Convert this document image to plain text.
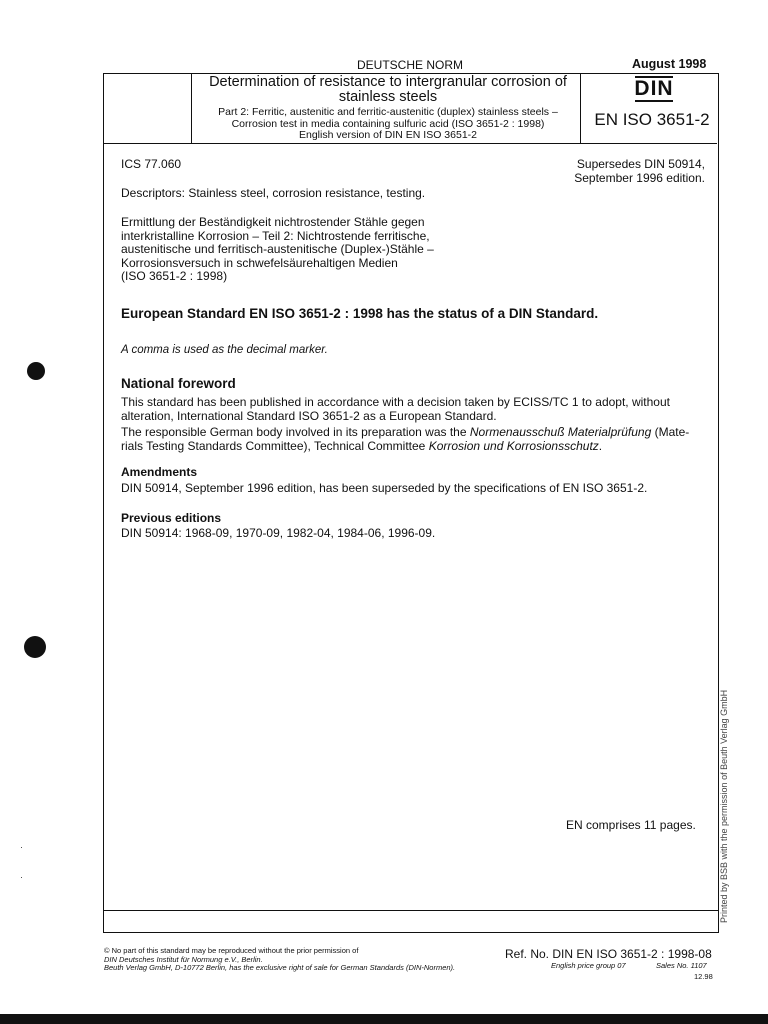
DEUTSCHE NORM	August 1998
Determination of resistance to intergranular corrosion of stainless steels
Part 2: Ferritic, austenitic and ferritic-austenitic (duplex) stainless steels –
Corrosion test in media containing sulfuric acid (ISO 3651-2 : 1998)
English version of DIN EN ISO 3651-2
DIN
EN ISO 3651-2
ICS 77.060	Supersedes DIN 50914,
September 1996 edition.
Descriptors: Stainless steel, corrosion resistance, testing.
Ermittlung der Beständigkeit nichtrostender Stähle gegen
interkristalline Korrosion – Teil 2: Nichtrostende ferritische,
austenitische und ferritisch-austenitische (Duplex-)Stähle –
Korrosionsversuch in schwefelsäurehaltigen Medien
(ISO 3651-2 : 1998)
European Standard EN ISO 3651-2 : 1998 has the status of a DIN Standard.
A comma is used as the decimal marker.
National foreword
This standard has been published in accordance with a decision taken by ECISS/TC 1 to adopt, without
alteration, International Standard ISO 3651-2 as a European Standard.
The responsible German body involved in its preparation was the Normenausschuß Materialprüfung (Mate-
rials Testing Standards Committee), Technical Committee Korrosion und Korrosionsschutz.
Amendments
DIN 50914, September 1996 edition, has been superseded by the specifications of EN ISO 3651-2.
Previous editions
DIN 50914: 1968-09, 1970-09, 1982-04, 1984-06, 1996-09.
EN comprises 11 pages.	Printed by BSB with the permission of Beuth Verlag GmbH
© No part of this standard may be reproduced without the prior permission of
DIN Deutsches Institut für Normung e.V., Berlin.
Beuth Verlag GmbH, D-10772 Berlin, has the exclusive right of sale for German Standards (DIN-Normen).
Ref. No. DIN EN ISO 3651-2 : 1998-08
English price group 07	Sales No. 1107
12.98
·
·
